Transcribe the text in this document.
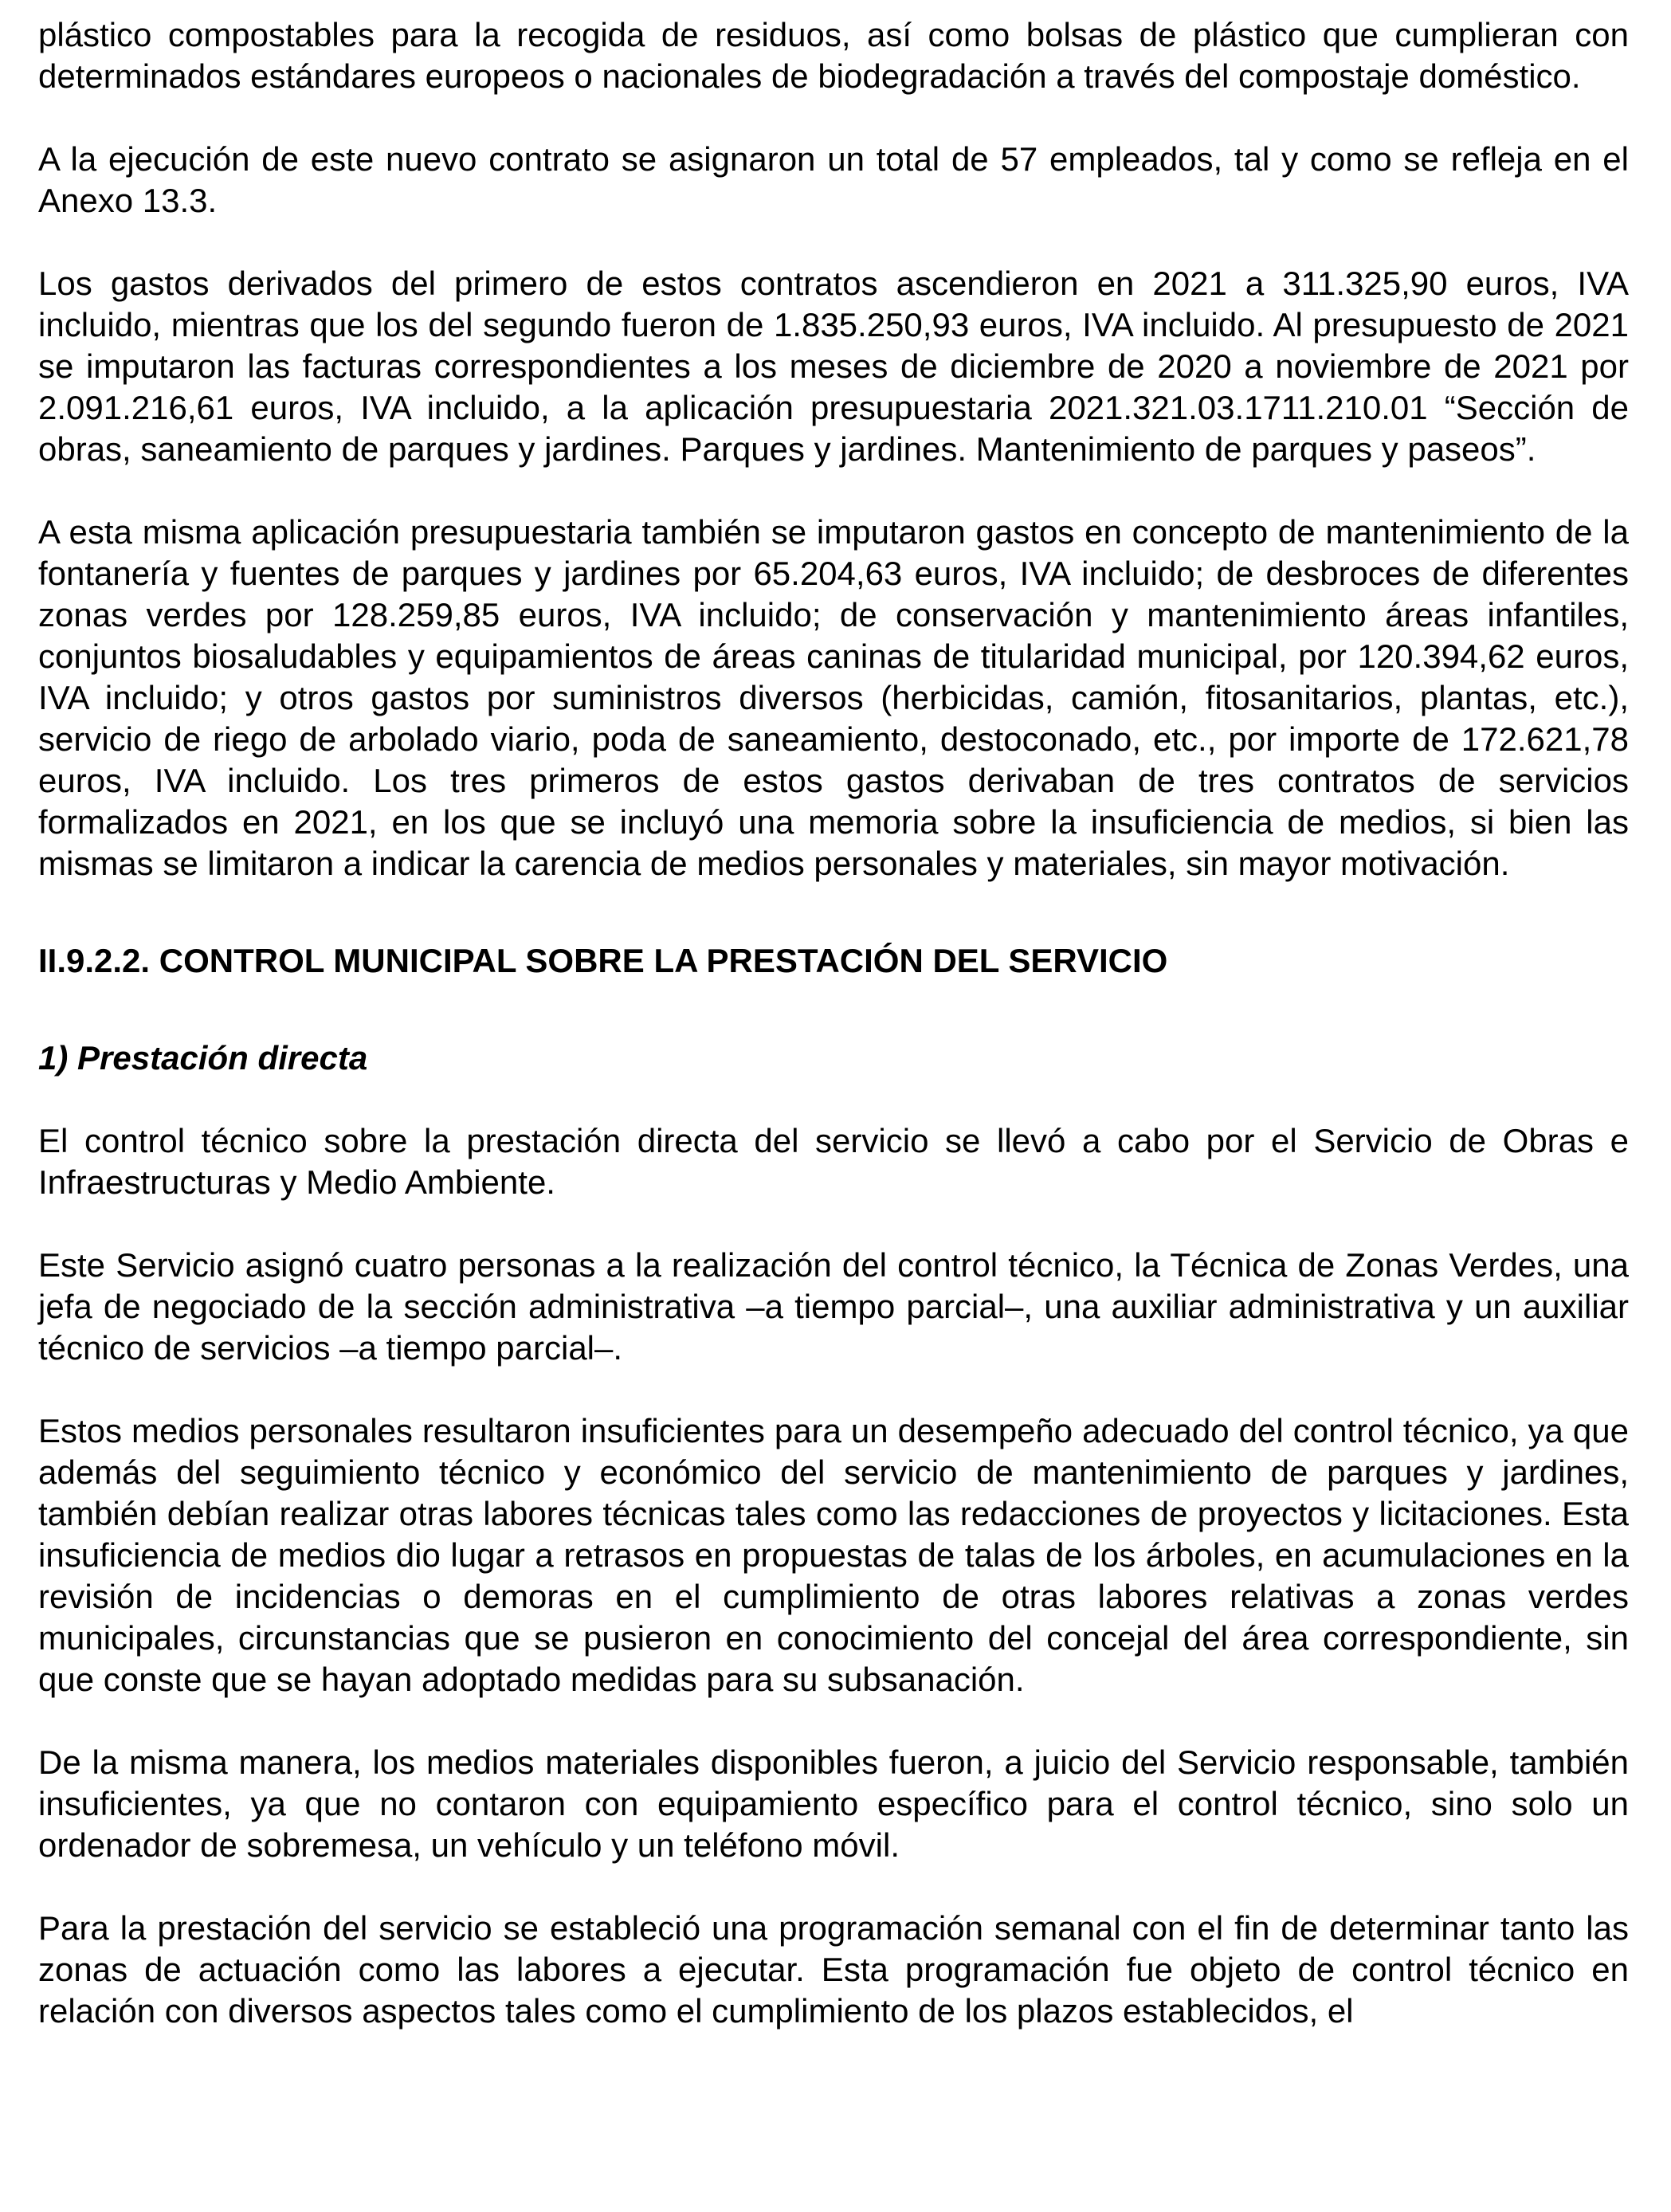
plástico compostables para la recogida de residuos, así como bolsas de plástico que cumplieran con determinados estándares europeos o nacionales de biodegradación a través del compostaje doméstico.

A la ejecución de este nuevo contrato se asignaron un total de 57 empleados, tal y como se refleja en el Anexo 13.3.

Los gastos derivados del primero de estos contratos ascendieron en 2021 a 311.325,90 euros, IVA incluido, mientras que los del segundo fueron de 1.835.250,93 euros, IVA incluido. Al presupuesto de 2021 se imputaron las facturas correspondientes a los meses de diciembre de 2020 a noviembre de 2021 por 2.091.216,61 euros, IVA incluido, a la aplicación presupuestaria 2021.321.03.1711.210.01 “Sección de obras, saneamiento de parques y jardines. Parques y jardines. Mantenimiento de parques y paseos”.

A esta misma aplicación presupuestaria también se imputaron gastos en concepto de mantenimiento de la fontanería y fuentes de parques y jardines por 65.204,63 euros, IVA incluido; de desbroces de diferentes zonas verdes por 128.259,85 euros, IVA incluido; de conservación y mantenimiento áreas infantiles, conjuntos biosaludables y equipamientos de áreas caninas de titularidad municipal, por 120.394,62 euros, IVA incluido; y otros gastos por suministros diversos (herbicidas, camión, fitosanitarios, plantas, etc.), servicio de riego de arbolado viario, poda de saneamiento, destoconado, etc., por importe de 172.621,78 euros, IVA incluido. Los tres primeros de estos gastos derivaban de tres contratos de servicios formalizados en 2021, en los que se incluyó una memoria sobre la insuficiencia de medios, si bien las mismas se limitaron a indicar la carencia de medios personales y materiales, sin mayor motivación.

II.9.2.2. CONTROL MUNICIPAL SOBRE LA PRESTACIÓN DEL SERVICIO
1) Prestación directa

El control técnico sobre la prestación directa del servicio se llevó a cabo por el Servicio de Obras e Infraestructuras y Medio Ambiente.

Este Servicio asignó cuatro personas a la realización del control técnico, la Técnica de Zonas Verdes, una jefa de negociado de la sección administrativa –a tiempo parcial–, una auxiliar administrativa y un auxiliar técnico de servicios –a tiempo parcial–.

Estos medios personales resultaron insuficientes para un desempeño adecuado del control técnico, ya que además del seguimiento técnico y económico del servicio de mantenimiento de parques y jardines, también debían realizar otras labores técnicas tales como las redacciones de proyectos y licitaciones. Esta insuficiencia de medios dio lugar a retrasos en propuestas de talas de los árboles, en acumulaciones en la revisión de incidencias o demoras en el cumplimiento de otras labores relativas a zonas verdes municipales, circunstancias que se pusieron en conocimiento del concejal del área correspondiente, sin que conste que se hayan adoptado medidas para su subsanación.

De la misma manera, los medios materiales disponibles fueron, a juicio del Servicio responsable, también insuficientes, ya que no contaron con equipamiento específico para el control técnico, sino solo un ordenador de sobremesa, un vehículo y un teléfono móvil.

Para la prestación del servicio se estableció una programación semanal con el fin de determinar tanto las zonas de actuación como las labores a ejecutar. Esta programación fue objeto de control técnico en relación con diversos aspectos tales como el cumplimiento de los plazos establecidos, el
